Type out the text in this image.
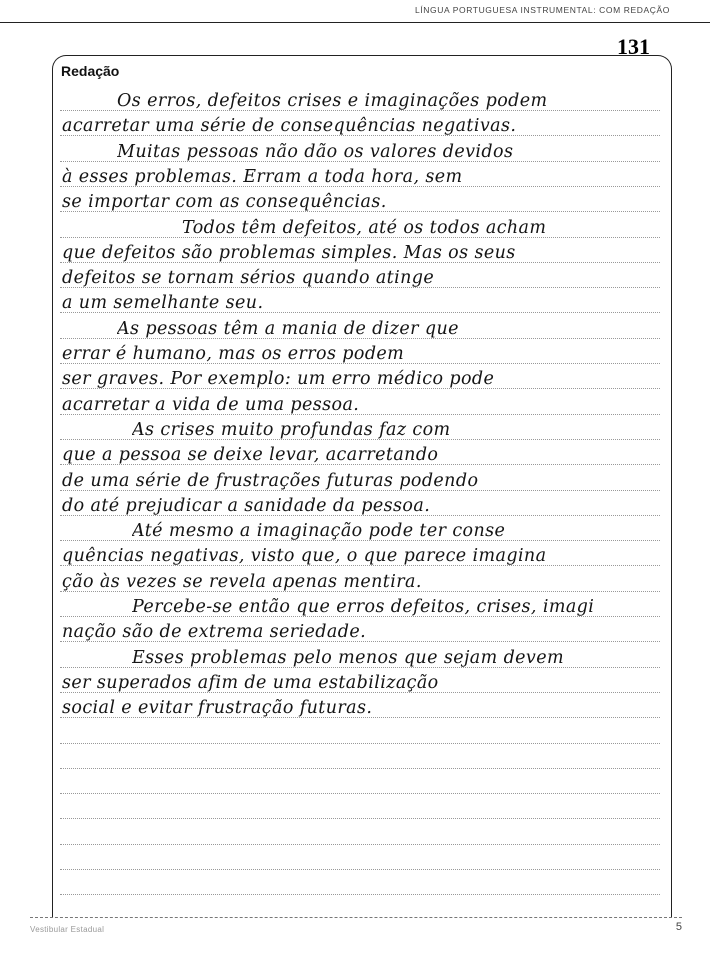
LÍNGUA PORTUGUESA INSTRUMENTAL: COM REDAÇÃO
131
Redação
Os erros, defeitos crises e imaginações podem
acarretar uma série de consequências negativas.
Muitas pessoas não dão os valores devidos
à esses problemas. Erram a toda hora, sem
se importar com as consequências.
Todos têm defeitos, até os todos acham
que defeitos são problemas simples. Mas os seus
defeitos se tornam sérios quando atinge
a um semelhante seu.
As pessoas têm a mania de dizer que
errar é humano, mas os erros podem
ser graves. Por exemplo: um erro médico pode
acarretar a vida de uma pessoa.
As crises muito profundas faz com
que a pessoa se deixe levar, acarretando
de uma série de frustrações futuras podendo
do até prejudicar a sanidade da pessoa.
Até mesmo a imaginação pode ter conse
quências negativas, visto que, o que parece imagina
ção às vezes se revela apenas mentira.
Percebe-se então que erros defeitos, crises, imagi
nação são de extrema seriedade.
Esses problemas pelo menos que sejam devem
ser superados afim de uma estabilização
social e evitar frustração futuras.
Vestibular Estadual	5
